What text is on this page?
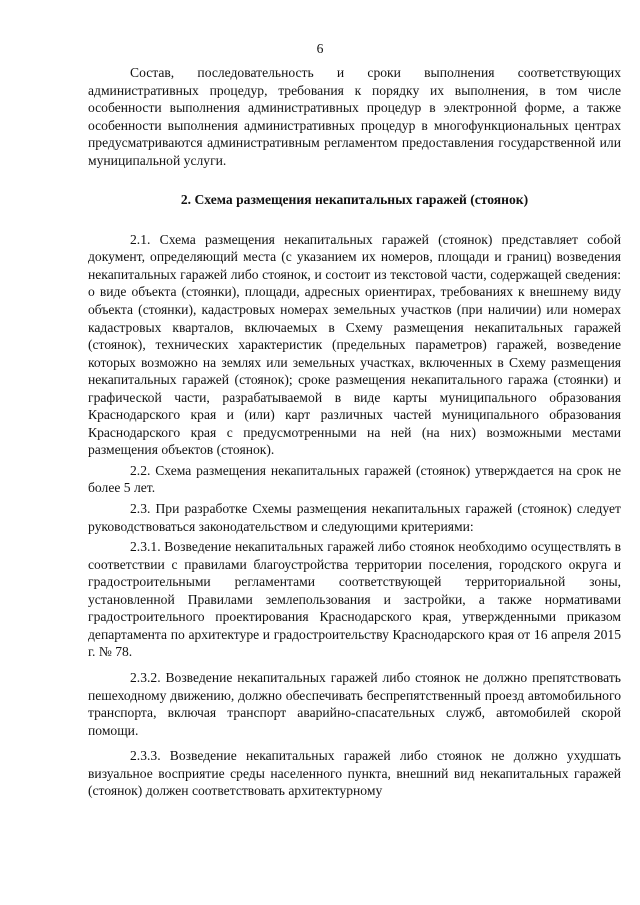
6

Состав, последовательность и сроки выполнения соответствующих административных процедур, требования к порядку их выполнения, в том числе особенности выполнения административных процедур в электронной форме, а также особенности выполнения административных процедур в многофункциональных центрах предусматриваются административным регламентом предоставления государственной или муниципальной услуги.

2. Схема размещения некапитальных гаражей (стоянок)

2.1. Схема размещения некапитальных гаражей (стоянок) представляет собой документ, определяющий места (с указанием их номеров, площади и границ) возведения некапитальных гаражей либо стоянок, и состоит из текстовой части, содержащей сведения: о виде объекта (стоянки), площади, адресных ориентирах, требованиях к внешнему виду объекта (стоянки), кадастровых номерах земельных участков (при наличии) или номерах кадастровых кварталов, включаемых в Схему размещения некапитальных гаражей (стоянок), технических характеристик (предельных параметров) гаражей, возведение которых возможно на землях или земельных участках, включенных в Схему размещения некапитальных гаражей (стоянок); сроке размещения некапитального гаража (стоянки) и графической части, разрабатываемой в виде карты муниципального образования Краснодарского края и (или) карт различных частей муниципального образования Краснодарского края с предусмотренными на ней (на них) возможными местами размещения объектов (стоянок).

2.2. Схема размещения некапитальных гаражей (стоянок) утверждается на срок не более 5 лет.

2.3. При разработке Схемы размещения некапитальных гаражей (стоянок) следует руководствоваться законодательством и следующими критериями:

2.3.1. Возведение некапитальных гаражей либо стоянок необходимо осуществлять в соответствии с правилами благоустройства территории поселения, городского округа и градостроительными регламентами соответствующей территориальной зоны, установленной Правилами землепользования и застройки, а также нормативами градостроительного проектирования Краснодарского края, утвержденными приказом департамента по архитектуре и градостроительству Краснодарского края от 16 апреля 2015 г. № 78.

2.3.2. Возведение некапитальных гаражей либо стоянок не должно препятствовать пешеходному движению, должно обеспечивать беспрепятственный проезд автомобильного транспорта, включая транспорт аварийно-спасательных служб, автомобилей скорой помощи.

2.3.3. Возведение некапитальных гаражей либо стоянок не должно ухудшать визуальное восприятие среды населенного пункта, внешний вид некапитальных гаражей (стоянок) должен соответствовать архитектурному
